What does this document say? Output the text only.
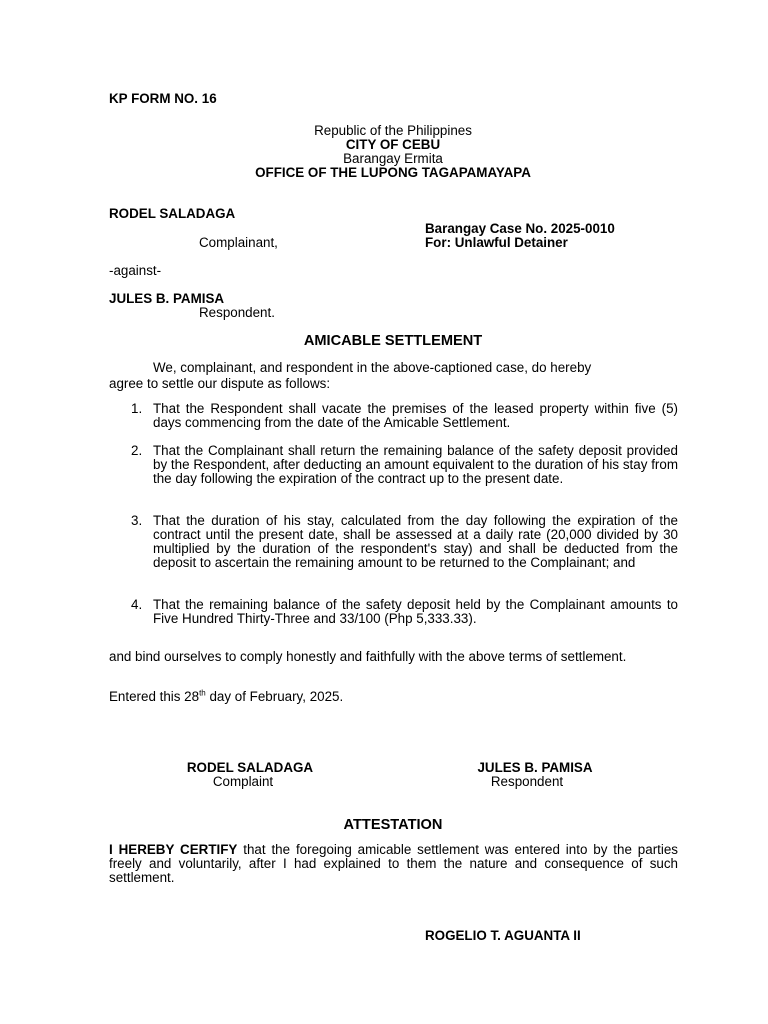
KP FORM NO. 16
Republic of the Philippines
CITY OF CEBU
Barangay Ermita
OFFICE OF THE LUPONG TAGAPAMAYAPA
RODEL SALADAGA
Barangay Case No. 2025-0010
Complainant,	For: Unlawful Detainer
-against-
JULES B. PAMISA
Respondent.
AMICABLE SETTLEMENT
We, complainant, and respondent in the above-captioned case, do hereby
agree to settle our dispute as follows:
1. That the Respondent shall vacate the premises of the leased property within five (5) days commencing from the date of the Amicable Settlement.
2. That the Complainant shall return the remaining balance of the safety deposit provided by the Respondent, after deducting an amount equivalent to the duration of his stay from the day following the expiration of the contract up to the present date.
3. That the duration of his stay, calculated from the day following the expiration of the contract until the present date, shall be assessed at a daily rate (20,000 divided by 30 multiplied by the duration of the respondent's stay) and shall be deducted from the deposit to ascertain the remaining amount to be returned to the Complainant; and
4. That the remaining balance of the safety deposit held by the Complainant amounts to Five Hundred Thirty-Three and 33/100 (Php 5,333.33).
and bind ourselves to comply honestly and faithfully with the above terms of settlement.
Entered this 28th day of February, 2025.
RODEL SALADAGA
Complaint
JULES B. PAMISA
Respondent
ATTESTATION
I HEREBY CERTIFY that the foregoing amicable settlement was entered into by the parties freely and voluntarily, after I had explained to them the nature and consequence of such settlement.
ROGELIO T. AGUANTA II
